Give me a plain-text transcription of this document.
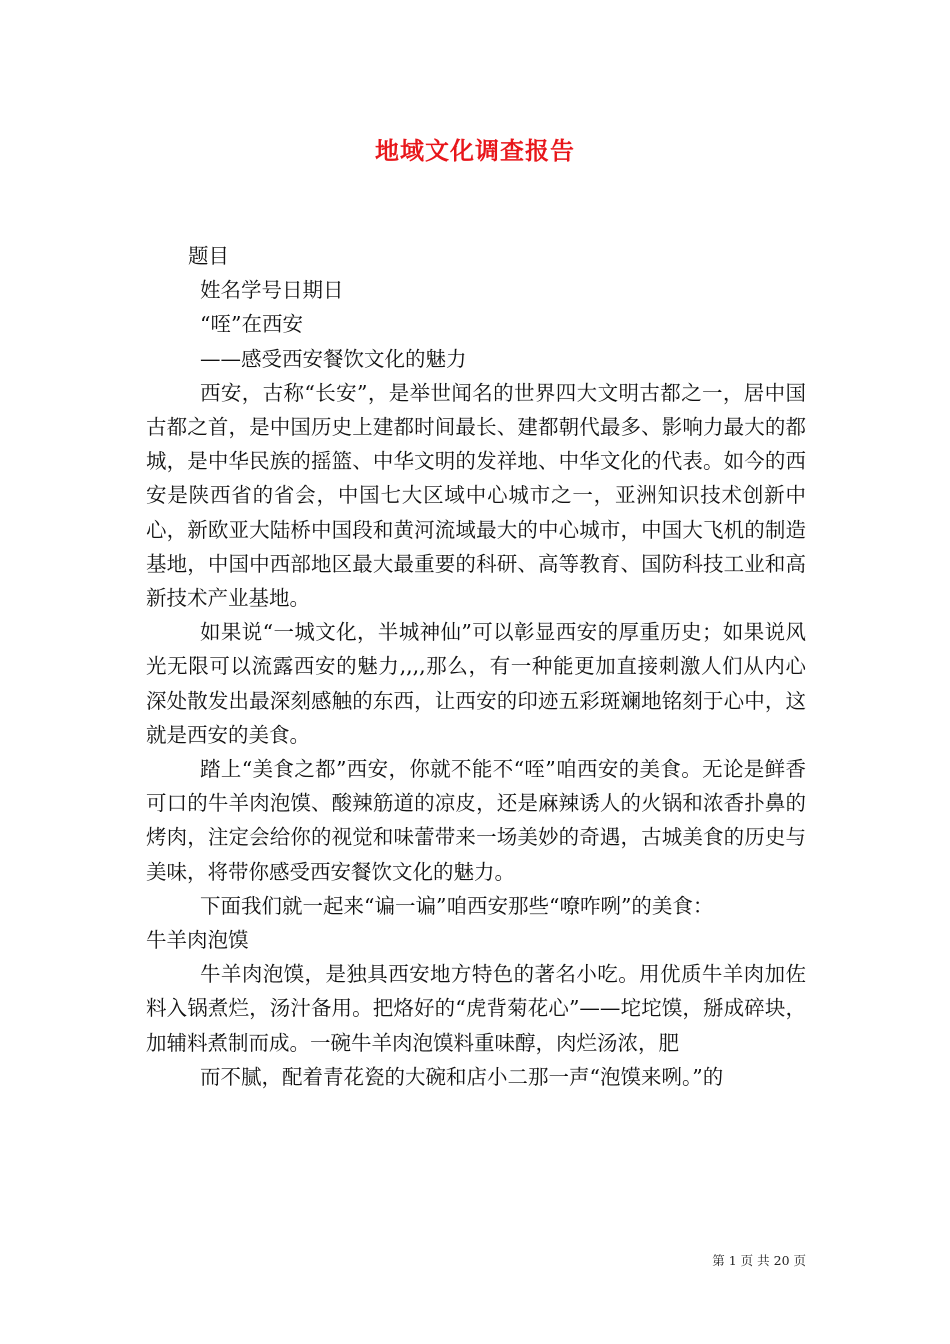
地域文化调查报告

题目

姓名学号日期日

“咥”在西安

——感受西安餐饮文化的魅力

西安，古称“长安”，是举世闻名的世界四大文明古都之一，居中国古都之首，是中国历史上建都时间最长、建都朝代最多、影响力最大的都城，是中华民族的摇篮、中华文明的发祥地、中华文化的代表。如今的西安是陕西省的省会，中国七大区域中心城市之一，亚洲知识技术创新中心，新欧亚大陆桥中国段和黄河流域最大的中心城市，中国大飞机的制造基地，中国中西部地区最大最重要的科研、高等教育、国防科技工业和高新技术产业基地。

如果说“一城文化，半城神仙”可以彰显西安的厚重历史；如果说风光无限可以流露西安的魅力,,,,那么，有一种能更加直接刺激人们从内心深处散发出最深刻感触的东西，让西安的印迹五彩斑斓地铭刻于心中，这就是西安的美食。

踏上“美食之都”西安，你就不能不“咥”咱西安的美食。无论是鲜香可口的牛羊肉泡馍、酸辣筋道的凉皮，还是麻辣诱人的火锅和浓香扑鼻的烤肉，注定会给你的视觉和味蕾带来一场美妙的奇遇，古城美食的历史与美味，将带你感受西安餐饮文化的魅力。

下面我们就一起来“谝一谝”咱西安那些“嘹咋咧”的美食：

牛羊肉泡馍

牛羊肉泡馍，是独具西安地方特色的著名小吃。用优质牛羊肉加佐料入锅煮烂，汤汁备用。把烙好的“虎背菊花心”——坨坨馍，掰成碎块，加辅料煮制而成。一碗牛羊肉泡馍料重味醇，肉烂汤浓，肥

而不腻，配着青花瓷的大碗和店小二那一声“泡馍来咧。”的

第 1 页 共 20 页
